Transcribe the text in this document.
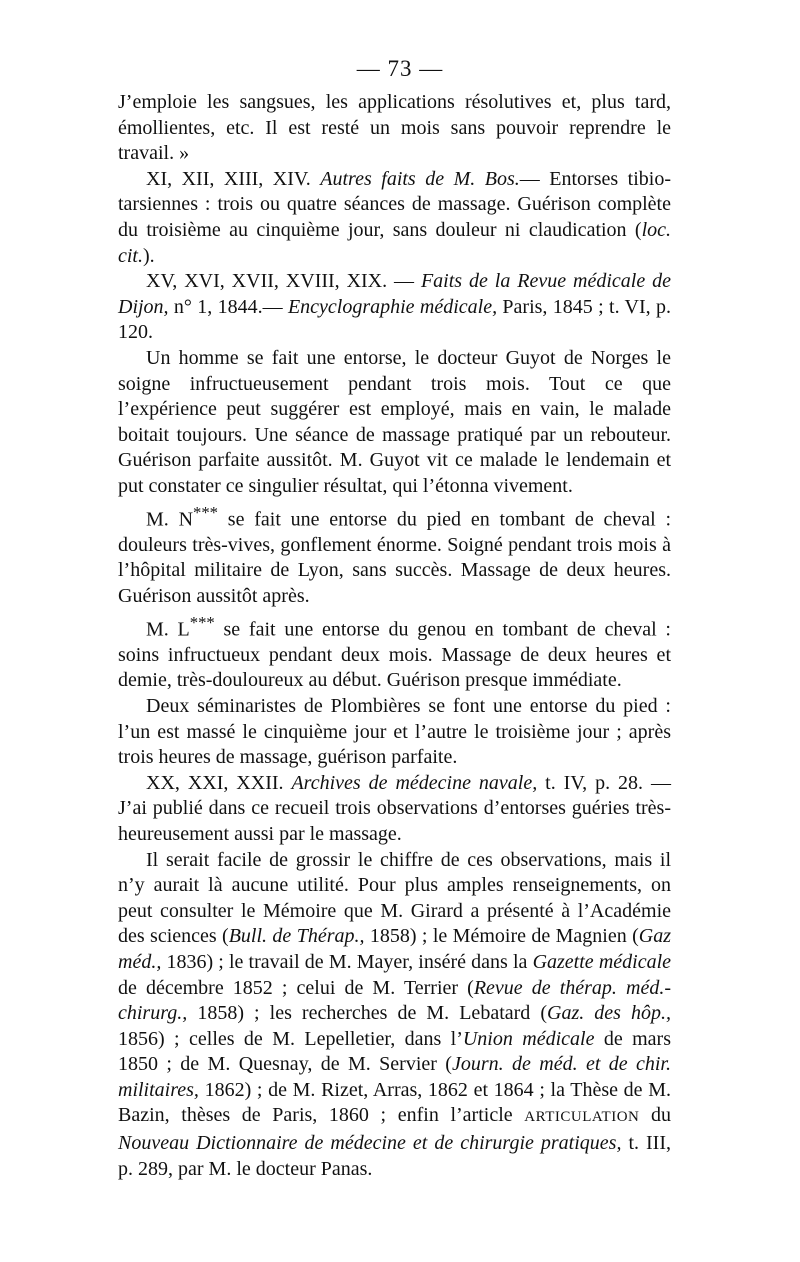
— 73 —

J’emploie les sangsues, les applications résolutives et, plus tard, émollientes, etc. Il est resté un mois sans pouvoir reprendre le travail. »

XI, XII, XIII, XIV. Autres faits de M. Bos.— Entorses tibio-tarsiennes : trois ou quatre séances de massage. Guérison complète du troisième au cinquième jour, sans douleur ni claudication (loc. cit.).

XV, XVI, XVII, XVIII, XIX. — Faits de la Revue médicale de Dijon, n° 1, 1844.— Encyclographie médicale, Paris, 1845 ; t. VI, p. 120.

Un homme se fait une entorse, le docteur Guyot de Norges le soigne infructueusement pendant trois mois. Tout ce que l’expérience peut suggérer est employé, mais en vain, le malade boitait toujours. Une séance de massage pratiqué par un rebouteur. Guérison parfaite aussitôt. M. Guyot vit ce malade le lendemain et put constater ce singulier résultat, qui l’étonna vivement.

M. N*** se fait une entorse du pied en tombant de cheval : douleurs très-vives, gonflement énorme. Soigné pendant trois mois à l’hôpital militaire de Lyon, sans succès. Massage de deux heures. Guérison aussitôt après.

M. L*** se fait une entorse du genou en tombant de cheval : soins infructueux pendant deux mois. Massage de deux heures et demie, très-douloureux au début. Guérison presque immédiate.

Deux séminaristes de Plombières se font une entorse du pied : l’un est massé le cinquième jour et l’autre le troisième jour ; après trois heures de massage, guérison parfaite.

XX, XXI, XXII. Archives de médecine navale, t. IV, p. 28. — J’ai publié dans ce recueil trois observations d’entorses guéries très-heureusement aussi par le massage.

Il serait facile de grossir le chiffre de ces observations, mais il n’y aurait là aucune utilité. Pour plus amples renseignements, on peut consulter le Mémoire que M. Girard a présenté à l’Académie des sciences (Bull. de Thérap., 1858) ; le Mémoire de Magnien (Gaz méd., 1836) ; le travail de M. Mayer, inséré dans la Gazette médicale de décembre 1852 ; celui de M. Terrier (Revue de thérap. méd.-chirurg., 1858) ; les recherches de M. Lebatard (Gaz. des hôp., 1856) ; celles de M. Lepelletier, dans l’Union médicale de mars 1850 ; de M. Quesnay, de M. Servier (Journ. de méd. et de chir. militaires, 1862) ; de M. Rizet, Arras, 1862 et 1864 ; la Thèse de M. Bazin, thèses de Paris, 1860 ; enfin l’article ARTICULATION du Nouveau Dictionnaire de médecine et de chirurgie pratiques, t. III, p. 289, par M. le docteur Panas.
